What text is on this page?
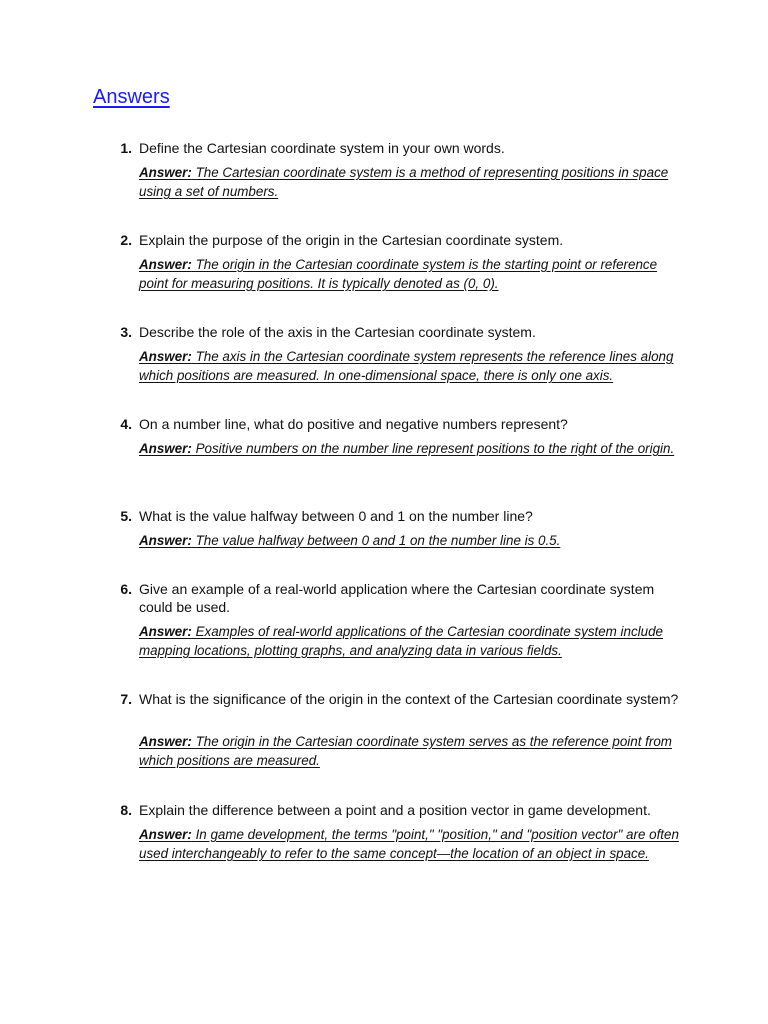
Answers
1. Define the Cartesian coordinate system in your own words.
Answer: The Cartesian coordinate system is a method of representing positions in space using a set of numbers.
2. Explain the purpose of the origin in the Cartesian coordinate system.
Answer: The origin in the Cartesian coordinate system is the starting point or reference point for measuring positions. It is typically denoted as (0, 0).
3. Describe the role of the axis in the Cartesian coordinate system.
Answer: The axis in the Cartesian coordinate system represents the reference lines along which positions are measured. In one-dimensional space, there is only one axis.
4. On a number line, what do positive and negative numbers represent?
Answer: Positive numbers on the number line represent positions to the right of the origin.
5. What is the value halfway between 0 and 1 on the number line?
Answer: The value halfway between 0 and 1 on the number line is 0.5.
6. Give an example of a real-world application where the Cartesian coordinate system could be used.
Answer: Examples of real-world applications of the Cartesian coordinate system include mapping locations, plotting graphs, and analyzing data in various fields.
7. What is the significance of the origin in the context of the Cartesian coordinate system?
Answer: The origin in the Cartesian coordinate system serves as the reference point from which positions are measured.
8. Explain the difference between a point and a position vector in game development.
Answer: In game development, the terms "point," "position," and "position vector" are often used interchangeably to refer to the same concept—the location of an object in space.
